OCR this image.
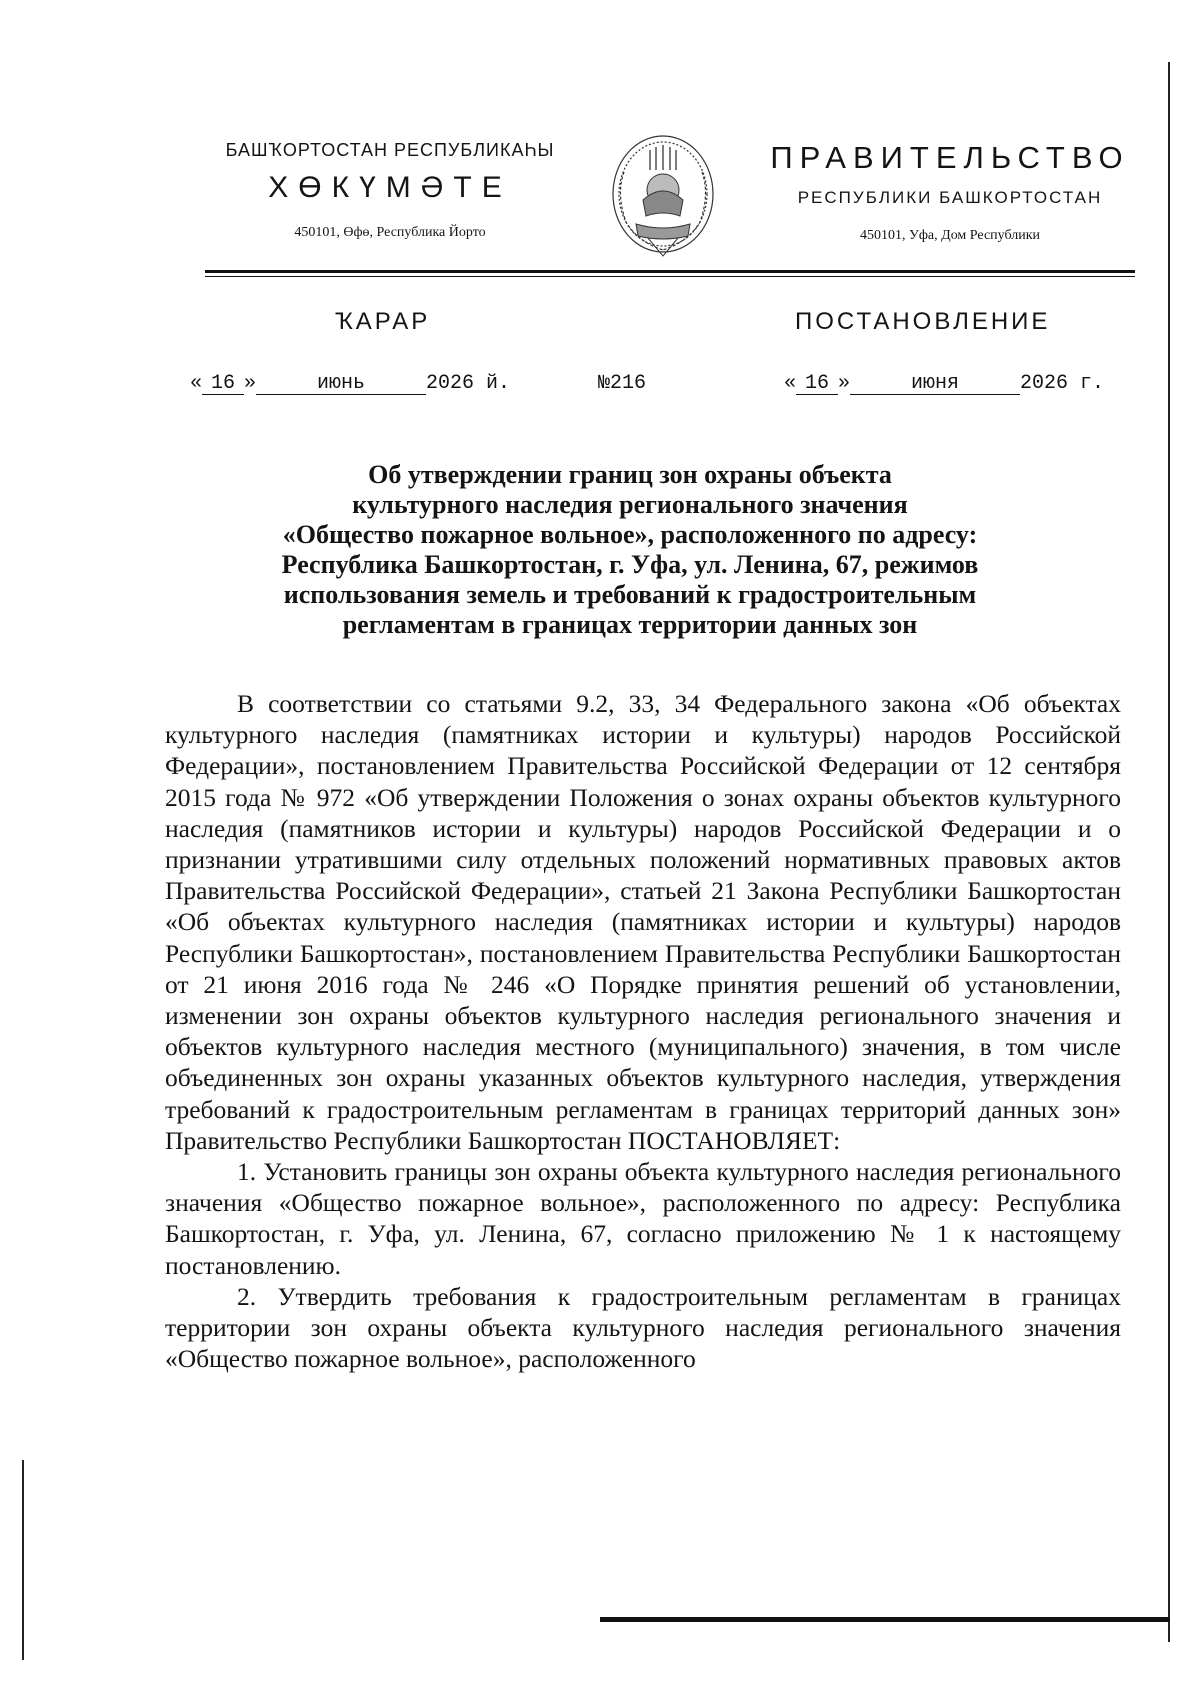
БАШҠОРТОСТАН РЕСПУБЛИКАҺЫ
ХӨКҮМӘТЕ
450101, Өфө, Республика Йорто
ПРАВИТЕЛЬСТВО
РЕСПУБЛИКИ БАШКОРТОСТАН
450101, Уфа, Дом Республики
ҠАРАР	ПОСТАНОВЛЕНИЕ
« 16 »	июнь	2026 й.	№216	« 16 »	июня	2026 г.
Об утверждении границ зон охраны объекта
культурного наследия регионального значения
«Общество пожарное вольное», расположенного по адресу:
Республика Башкортостан, г. Уфа, ул. Ленина, 67, режимов
использования земель и требований к градостроительным
регламентам в границах территории данных зон

В соответствии со статьями 9.2, 33, 34 Федерального закона «Об объектах культурного наследия (памятниках истории и культуры) народов Российской Федерации», постановлением Правительства Российской Федерации от 12 сентября 2015 года № 972 «Об утверждении Положения о зонах охраны объектов культурного наследия (памятников истории и культуры) народов Российской Федерации и о признании утратившими силу отдельных положений нормативных правовых актов Правительства Российской Федерации», статьей 21 Закона Республики Башкортостан «Об объектах культурного наследия (памятниках истории и культуры) народов Республики Башкортостан», постановлением Правительства Республики Башкортостан от 21 июня 2016 года № 246 «О Порядке принятия решений об установлении, изменении зон охраны объектов культурного наследия регионального значения и объектов культурного наследия местного (муниципального) значения, в том числе объединенных зон охраны указанных объектов культурного наследия, утверждения требований к градостроительным регламентам в границах территорий данных зон» Правительство Республики Башкортостан ПОСТАНОВЛЯЕТ:

1. Установить границы зон охраны объекта культурного наследия регионального значения «Общество пожарное вольное», расположенного по адресу: Республика Башкортостан, г. Уфа, ул. Ленина, 67, согласно приложению № 1 к настоящему постановлению.

2. Утвердить требования к градостроительным регламентам в границах территории зон охраны объекта культурного наследия регионального значения «Общество пожарное вольное», расположенного
